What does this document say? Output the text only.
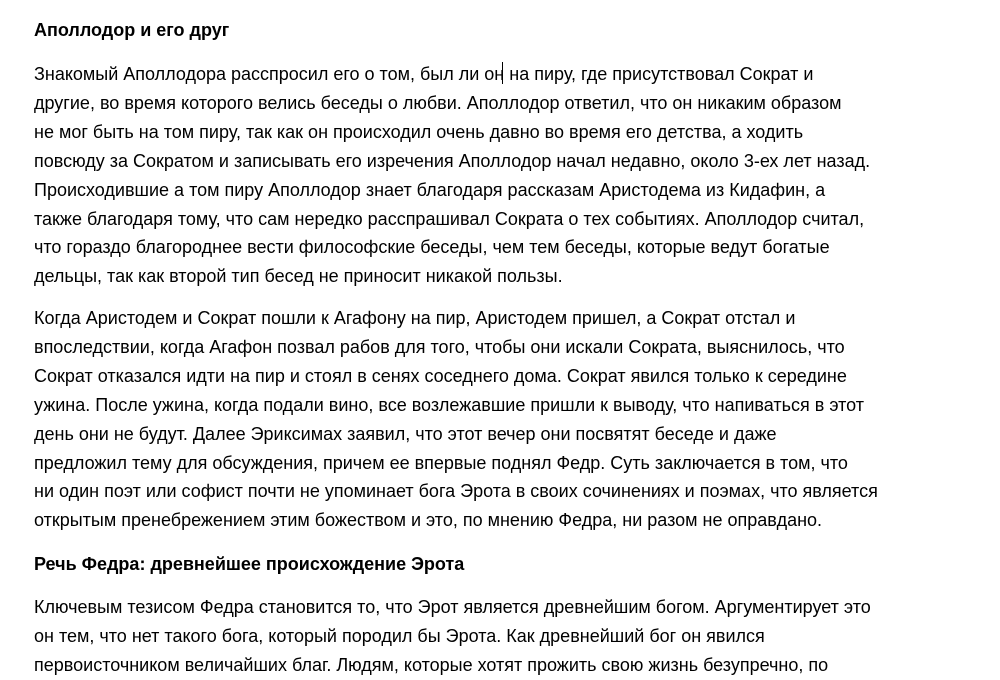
Аполлодор и его друг

Знакомый Аполлодора расспросил его о том, был ли он на пиру, где присутствовал Сократ и
другие, во время которого велись беседы о любви. Аполлодор ответил, что он никаким образом
не мог быть на том пиру, так как он происходил очень давно во время его детства, а ходить
повсюду за Сократом и записывать его изречения Аполлодор начал недавно, около 3-ех лет назад.
Происходившие а том пиру Аполлодор знает благодаря рассказам Аристодема из Кидафин, а
также благодаря тому, что сам нередко расспрашивал Сократа о тех событиях. Аполлодор считал,
что гораздо благороднее вести философские беседы, чем тем беседы, которые ведут богатые
дельцы, так как второй тип бесед не приносит никакой пользы.

Когда Аристодем и Сократ пошли к Агафону на пир, Аристодем пришел, а Сократ отстал и
впоследствии, когда Агафон позвал рабов для того, чтобы они искали Сократа, выяснилось, что
Сократ отказался идти на пир и стоял в сенях соседнего дома. Сократ явился только к середине
ужина. После ужина, когда подали вино, все возлежавшие пришли к выводу, что напиваться в этот
день они не будут. Далее Эриксимах заявил, что этот вечер они посвятят беседе и даже
предложил тему для обсуждения, причем ее впервые поднял Федр. Суть заключается в том, что
ни один поэт или софист почти не упоминает бога Эрота в своих сочинениях и поэмах, что является
открытым пренебрежением этим божеством и это, по мнению Федра, ни разом не оправдано.

Речь Федра: древнейшее происхождение Эрота

Ключевым тезисом Федра становится то, что Эрот является древнейшим богом. Аргументирует это
он тем, что нет такого бога, который породил бы Эрота. Как древнейший бог он явился
первоисточником величайших благ. Людям, которые хотят прожить свою жизнь безупречно, по
